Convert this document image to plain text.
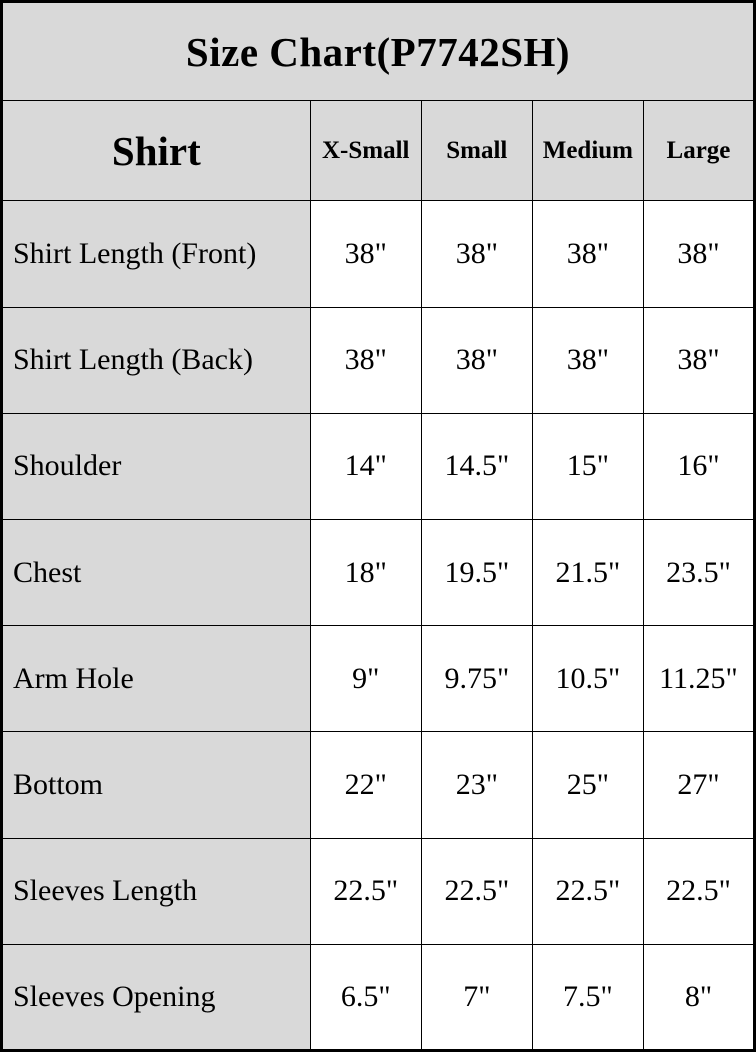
Size Chart(P7742SH)				
Shirt	X-Small	Small	Medium	Large
Shirt Length (Front)	38"	38"	38"	38"
Shirt Length (Back)	38"	38"	38"	38"
Shoulder	14"	14.5"	15"	16"
Chest	18"	19.5"	21.5"	23.5"
Arm Hole	9"	9.75"	10.5"	11.25"
Bottom	22"	23"	25"	27"
Sleeves Length	22.5"	22.5"	22.5"	22.5"
Sleeves Opening	6.5"	7"	7.5"	8"
